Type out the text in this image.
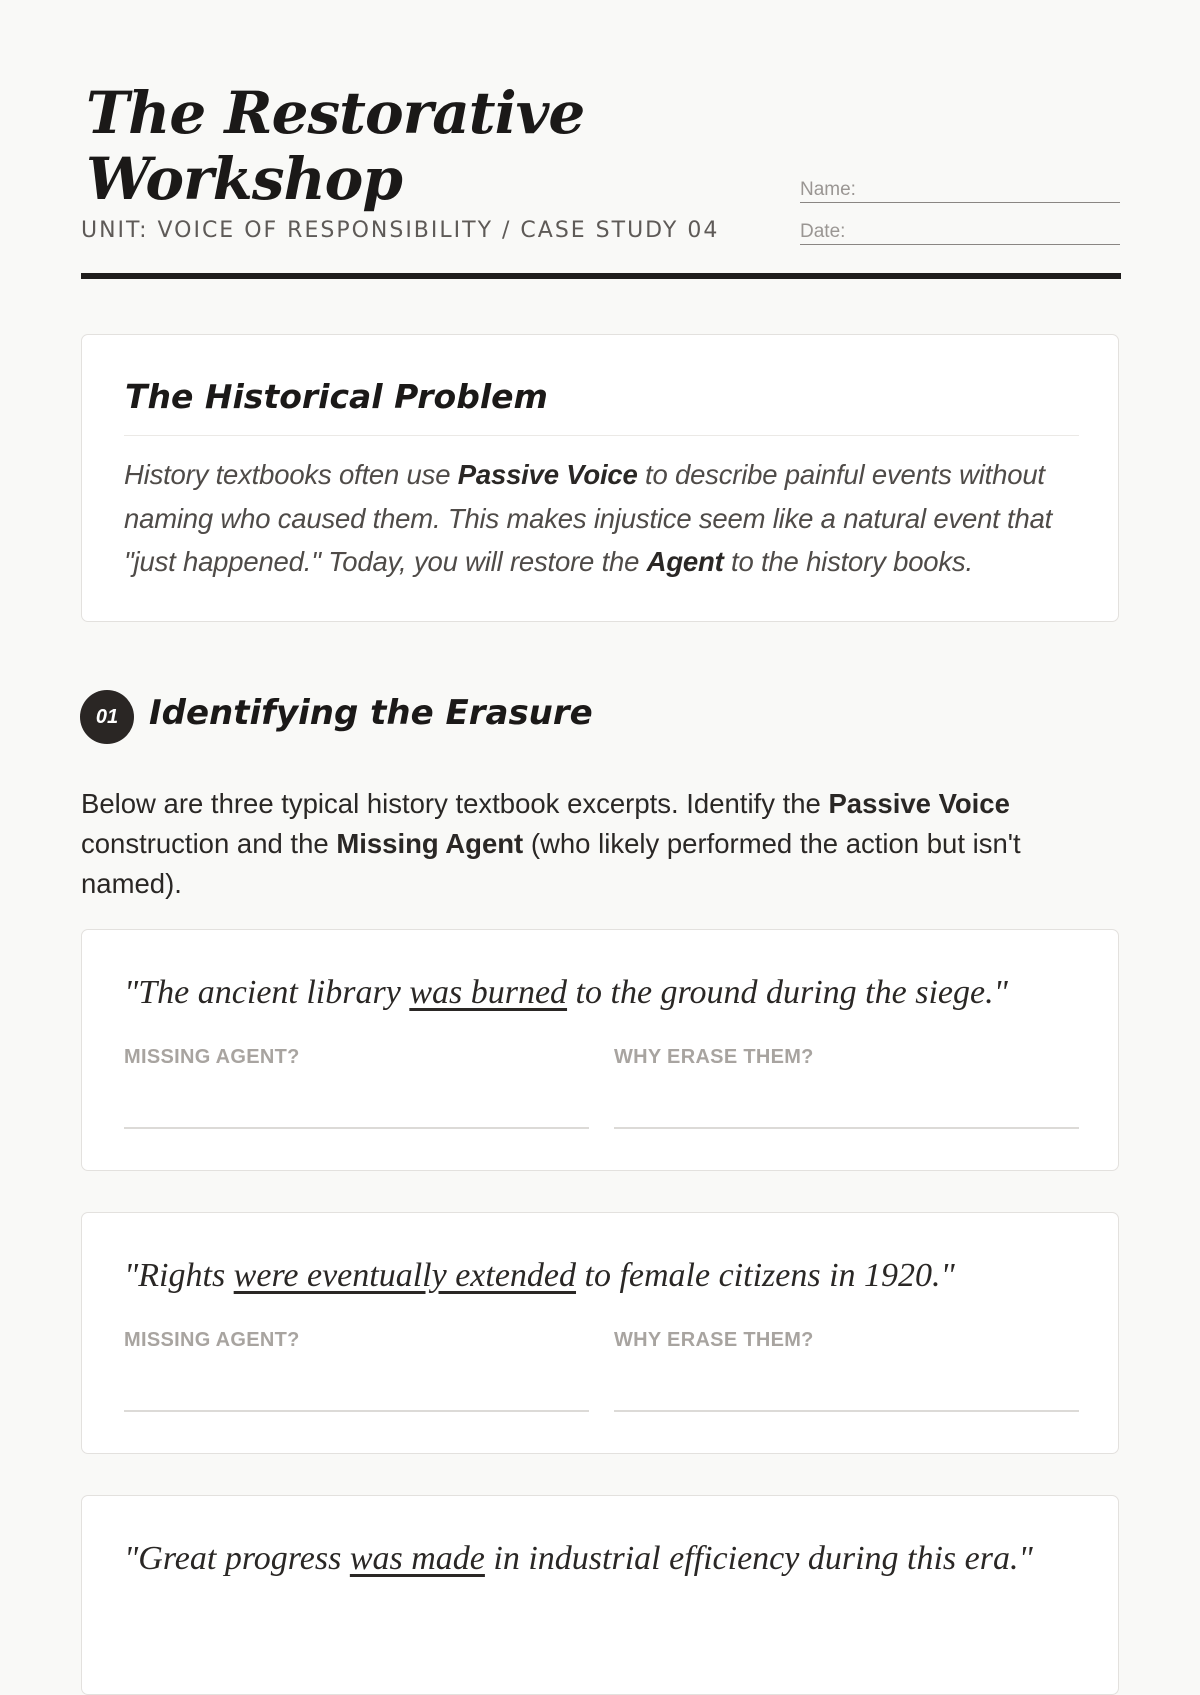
The Restorative
Workshop
UNIT: VOICE OF RESPONSIBILITY / CASE STUDY 04
Name:
Date:
The Historical Problem

History textbooks often use Passive Voice to describe painful events without naming who caused them. This makes injustice seem like a natural event that "just happened." Today, you will restore the Agent to the history books.

01 Identifying the Erasure

Below are three typical history textbook excerpts. Identify the Passive Voice construction and the Missing Agent (who likely performed the action but isn't named).

"The ancient library was burned to the ground during the siege."
MISSING AGENT?	WHY ERASE THEM?
"Rights were eventually extended to female citizens in 1920."
MISSING AGENT?	WHY ERASE THEM?
"Great progress was made in industrial efficiency during this era."
